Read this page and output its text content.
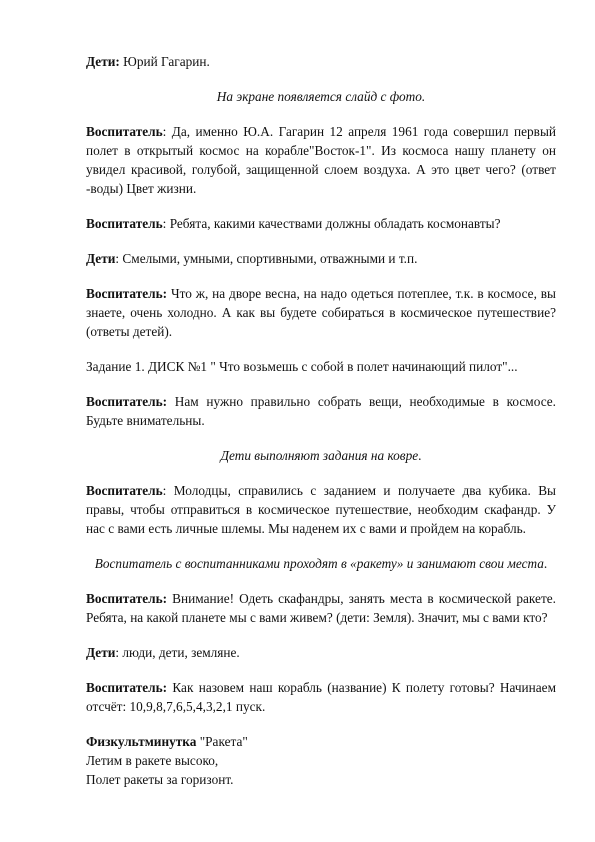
Дети: Юрий Гагарин.

На экране появляется слайд с фото.

Воспитатель: Да, именно Ю.А. Гагарин 12 апреля 1961 года совершил первый полет в открытый космос на корабле"Восток-1". Из космоса нашу планету он увидел красивой, голубой, защищенной слоем воздуха. А это цвет чего? (ответ -воды) Цвет жизни.

Воспитатель: Ребята, какими качествами должны обладать космонавты?

Дети: Смелыми, умными, спортивными, отважными и т.п.

Воспитатель: Что ж, на дворе весна, на надо одеться потеплее, т.к. в космосе, вы знаете, очень холодно. А как вы будете собираться в космическое путешествие? (ответы детей).

Задание 1. ДИСК №1 " Что возьмешь с собой в полет начинающий пилот"...

Воспитатель: Нам нужно правильно собрать вещи, необходимые в космосе. Будьте внимательны.

Дети выполняют задания на ковре.

Воспитатель: Молодцы, справились с заданием и получаете два кубика. Вы правы, чтобы отправиться в космическое путешествие, необходим скафандр. У нас с вами есть личные шлемы. Мы наденем их с вами и пройдем на корабль.

Воспитатель с воспитанниками проходят в «ракету» и занимают свои места.

Воспитатель: Внимание! Одеть скафандры, занять места в космической ракете. Ребята, на какой планете мы с вами живем? (дети: Земля). Значит, мы с вами кто?

Дети: люди, дети, земляне.

Воспитатель: Как назовем наш корабль (название) К полету готовы? Начинаем отсчёт: 10,9,8,7,6,5,4,3,2,1 пуск.

Физкультминутка "Ракета"

Летим в ракете высоко,

Полет ракеты за горизонт.
